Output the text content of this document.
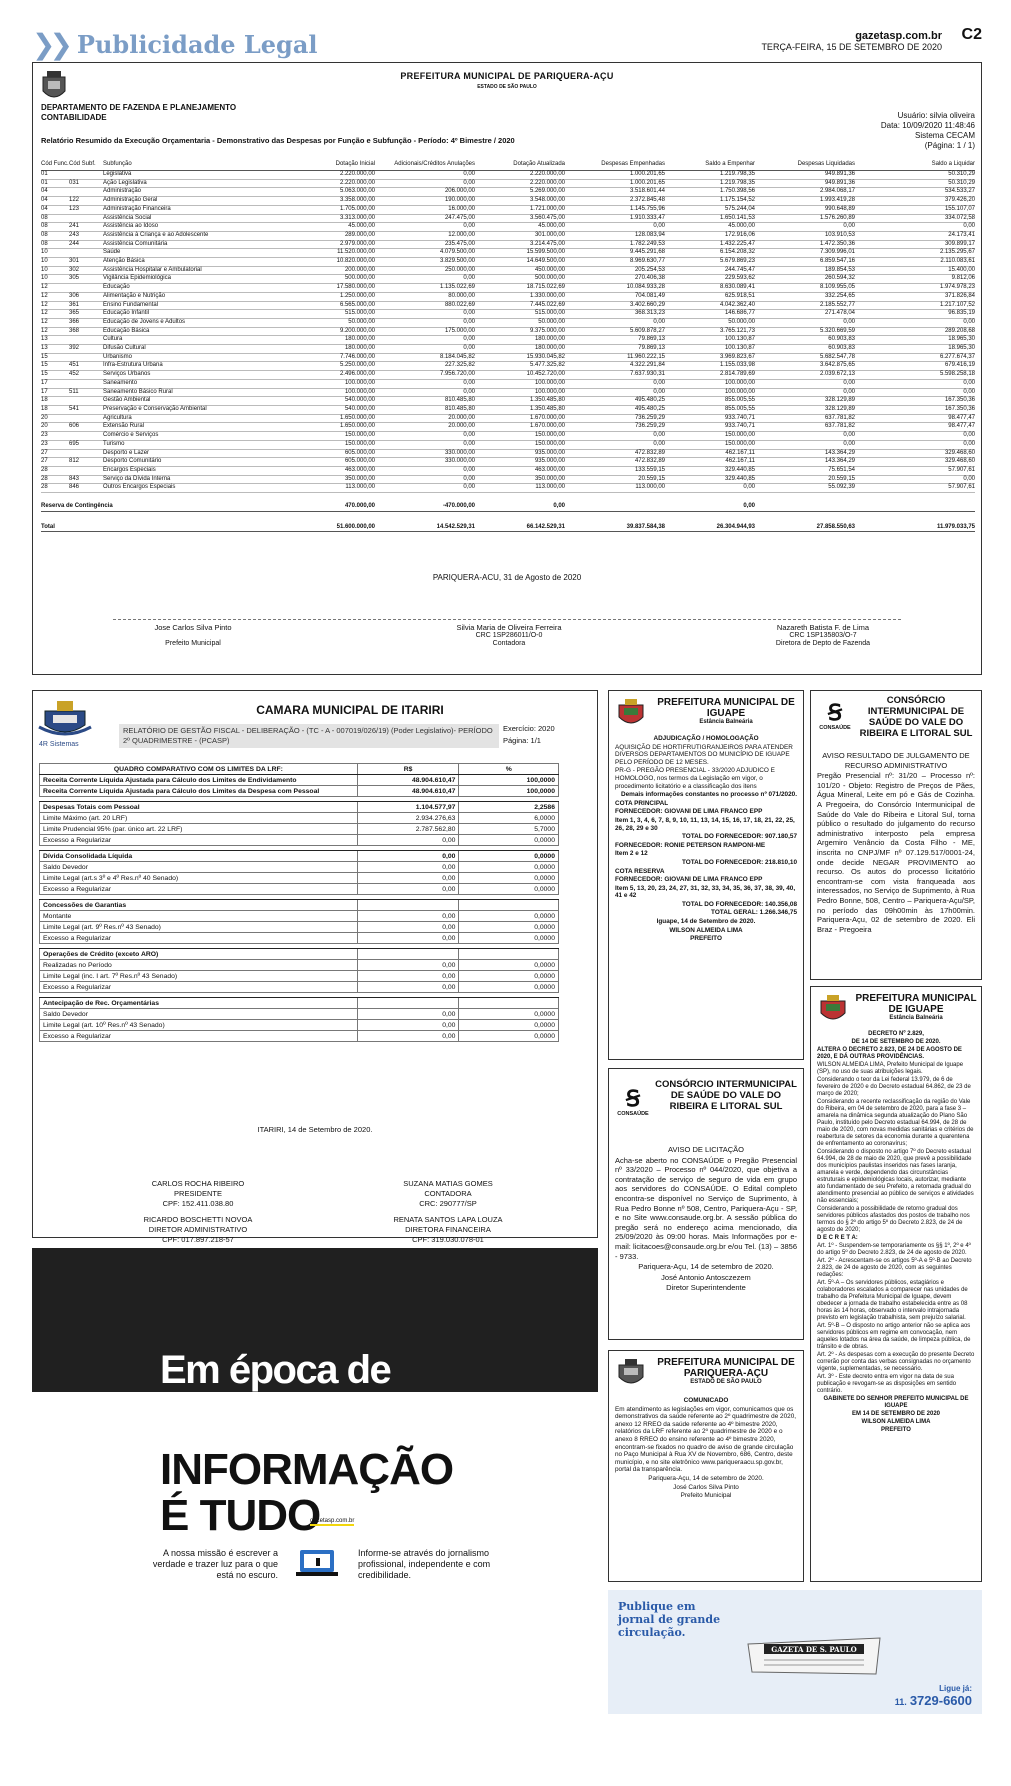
❯❯ Publicidade Legal	gazetasp.com.br
TERÇA-FEIRA, 15 DE SETEMBRO DE 2020
C2
PREFEITURA MUNICIPAL DE PARIQUERA-AÇU
ESTADO DE SÃO PAULO
DEPARTAMENTO DE FAZENDA E PLANEJAMENTO
CONTABILIDADE	Usuário: silvia oliveira
Data: 10/09/2020 11:48:46
Sistema CECAM
(Página: 1 / 1)
Relatório Resumido da Execução Orçamentaria - Demonstrativo das Despesas por Função e Subfunção - Período: 4º Bimestre / 2020
Cód Func.	Cód Subf.	Subfunção	Dotação Inicial	Adicionais/Créditos Anulações	Dotação Atualizada	Despesas Empenhadas	Saldo a Empenhar	Despesas Liquidadas	Saldo a Liquidar
01		Legislativa	2.220.000,00	0,00	2.220.000,00	1.000.201,65	1.219.798,35	949.891,36	50.310,29
01	031	Ação Legislativa	2.220.000,00	0,00	2.220.000,00	1.000.201,65	1.219.798,35	949.891,36	50.310,29
04		Administração	5.063.000,00	206.000,00	5.269.000,00	3.518.601,44	1.750.398,56	2.984.068,17	534.533,27
04	122	Administração Geral	3.358.000,00	190.000,00	3.548.000,00	2.372.845,48	1.175.154,52	1.993.419,28	379.426,20
04	123	Administração Financeira	1.705.000,00	16.000,00	1.721.000,00	1.145.755,96	575.244,04	990.648,89	155.107,07
08		Assistência Social	3.313.000,00	247.475,00	3.560.475,00	1.910.333,47	1.650.141,53	1.576.260,89	334.072,58
08	241	Assistência ao Idoso	45.000,00	0,00	45.000,00	0,00	45.000,00	0,00	0,00
08	243	Assistência à Criança e ao Adolescente	289.000,00	12.000,00	301.000,00	128.083,94	172.916,06	103.910,53	24.173,41
08	244	Assistência Comunitária	2.979.000,00	235.475,00	3.214.475,00	1.782.249,53	1.432.225,47	1.472.350,36	309.899,17
10		Saúde	11.520.000,00	4.079.500,00	15.599.500,00	9.445.291,68	6.154.208,32	7.309.996,01	2.135.295,67
10	301	Atenção Básica	10.820.000,00	3.829.500,00	14.649.500,00	8.969.630,77	5.679.869,23	6.859.547,16	2.110.083,61
10	302	Assistência Hospitalar e Ambulatorial	200.000,00	250.000,00	450.000,00	205.254,53	244.745,47	189.854,53	15.400,00
10	305	Vigilância Epidemiológica	500.000,00	0,00	500.000,00	270.406,38	229.593,62	260.594,32	9.812,06
12		Educação	17.580.000,00	1.135.022,69	18.715.022,69	10.084.933,28	8.630.089,41	8.109.955,05	1.974.978,23
12	306	Alimentação e Nutrição	1.250.000,00	80.000,00	1.330.000,00	704.081,49	625.918,51	332.254,65	371.826,84
12	361	Ensino Fundamental	6.565.000,00	880.022,69	7.445.022,69	3.402.660,29	4.042.362,40	2.185.552,77	1.217.107,52
12	365	Educação Infantil	515.000,00	0,00	515.000,00	368.313,23	146.686,77	271.478,04	96.835,19
12	366	Educação de Jovens e Adultos	50.000,00	0,00	50.000,00	0,00	50.000,00	0,00	0,00
12	368	Educação Básica	9.200.000,00	175.000,00	9.375.000,00	5.609.878,27	3.765.121,73	5.320.669,59	289.208,68
13		Cultura	180.000,00	0,00	180.000,00	79.869,13	100.130,87	60.903,83	18.965,30
13	392	Difusão Cultural	180.000,00	0,00	180.000,00	79.869,13	100.130,87	60.903,83	18.965,30
15		Urbanismo	7.746.000,00	8.184.045,82	15.930.045,82	11.960.222,15	3.969.823,67	5.682.547,78	6.277.674,37
15	451	Infra-Estrutura Urbana	5.250.000,00	227.325,82	5.477.325,82	4.322.291,84	1.155.033,98	3.642.875,65	679.416,19
15	452	Serviços Urbanos	2.496.000,00	7.956.720,00	10.452.720,00	7.637.930,31	2.814.789,69	2.039.672,13	5.598.258,18
17		Saneamento	100.000,00	0,00	100.000,00	0,00	100.000,00	0,00	0,00
17	511	Saneamento Básico Rural	100.000,00	0,00	100.000,00	0,00	100.000,00	0,00	0,00
18		Gestão Ambiental	540.000,00	810.485,80	1.350.485,80	495.480,25	855.005,55	328.129,89	167.350,36
18	541	Preservação e Conservação Ambiental	540.000,00	810.485,80	1.350.485,80	495.480,25	855.005,55	328.129,89	167.350,36
20		Agricultura	1.650.000,00	20.000,00	1.670.000,00	736.259,29	933.740,71	637.781,82	98.477,47
20	606	Extensão Rural	1.650.000,00	20.000,00	1.670.000,00	736.259,29	933.740,71	637.781,82	98.477,47
23		Comércio e Serviços	150.000,00	0,00	150.000,00	0,00	150.000,00	0,00	0,00
23	695	Turismo	150.000,00	0,00	150.000,00	0,00	150.000,00	0,00	0,00
27		Desporto e Lazer	605.000,00	330.000,00	935.000,00	472.832,89	462.167,11	143.364,29	329.468,60
27	812	Desporto Comunitário	605.000,00	330.000,00	935.000,00	472.832,89	462.167,11	143.364,29	329.468,60
28		Encargos Especiais	463.000,00	0,00	463.000,00	133.559,15	329.440,85	75.651,54	57.907,61
28	843	Serviço da Dívida Interna	350.000,00	0,00	350.000,00	20.559,15	329.440,85	20.559,15	0,00
28	846	Outros Encargos Especiais	113.000,00	0,00	113.000,00	113.000,00	0,00	55.092,39	57.907,61
Reserva de Contingência			470.000,00	-470.000,00	0,00		0,00		
Total			51.600.000,00	14.542.529,31	66.142.529,31	39.837.584,38	26.304.944,93	27.858.550,63	11.979.033,75
PARIQUERA-ACU, 31 de Agosto de 2020
Jose Carlos Silva Pinto
Prefeito Municipal
Silvia Maria de Oliveira Ferreira
CRC 1SP286011/O-0
Contadora
Nazareth Batista F. de Lima
CRC 1SP135803/O-7
Diretora de Depto de Fazenda
4R Sistemas
CAMARA MUNICIPAL DE ITARIRI
Exercício: 2020
Página: 1/1
RELATÓRIO DE GESTÃO FISCAL - DELIBERAÇÃO - (TC - A - 007019/026/19) (Poder Legislativo)- PERÍODO 2º QUADRIMESTRE - (PCASP)
QUADRO COMPARATIVO COM OS LIMITES DA LRF:	R$	%
Receita Corrente Líquida Ajustada para Cálculo dos Limites de Endividamento	48.904.610,47	100,0000
Receita Corrente Líquida Ajustada para Cálculo dos Limites da Despesa com Pessoal	48.904.610,47	100,0000

Despesas Totais com Pessoal	1.104.577,97	2,2586
Limite Máximo (art. 20 LRF)	2.934.276,63	6,0000
Limite Prudencial 95% (par. único art. 22 LRF)	2.787.562,80	5,7000
Excesso a Regularizar	0,00	0,0000

Dívida Consolidada Líquida	0,00	0,0000
Saldo Devedor	0,00	0,0000
Limite Legal (art.s 3º e 4º Res.nº 40 Senado)	0,00	0,0000
Excesso a Regularizar	0,00	0,0000

Concessões de Garantias		
Montante	0,00	0,0000
Limite Legal (art. 9º Res.nº 43 Senado)	0,00	0,0000
Excesso a Regularizar	0,00	0,0000

Operações de Crédito (exceto ARO)		
Realizadas no Período	0,00	0,0000
Limite Legal (inc. I art. 7º Res.nº 43 Senado)	0,00	0,0000
Excesso a Regularizar	0,00	0,0000

Antecipação de Rec. Orçamentárias		
Saldo Devedor	0,00	0,0000
Limite Legal (art. 10º Res.nº 43 Senado)	0,00	0,0000
Excesso a Regularizar	0,00	0,0000
ITARIRI, 14 de Setembro de 2020.
CARLOS ROCHA RIBEIRO
PRESIDENTE
CPF: 152.411.038.80
SUZANA MATIAS GOMES
CONTADORA
CRC: 290777/SP
RICARDO BOSCHETTI NOVOA
DIRETOR ADMINISTRATIVO
CPF: 017.897.218-57
RENATA SANTOS LAPA LOUZA
DIRETORA FINANCEIRA
CPF: 319.030.078-01
PREFEITURA MUNICIPAL DE IGUAPE
Estância Balneária

ADJUDICAÇÃO / HOMOLOGAÇÃO

AQUISIÇÃO DE HORTIFRUTIGRANJEIROS PARA ATENDER DIVERSOS DEPARTAMENTOS DO MUNICÍPIO DE IGUAPE PELO PERÍODO DE 12 MESES.

PR-G - PREGÃO PRESENCIAL - 33/2020 ADJUDICO E HOMOLOGO, nos termos da Legislação em vigor, o procedimento licitatório e a classificação dos itens

Demais informações constantes no processo nº 071/2020.

COTA PRINCIPAL

FORNECEDOR: GIOVANI DE LIMA FRANCO EPP

Item 1, 3, 4, 6, 7, 8, 9, 10, 11, 13, 14, 15, 16, 17, 18, 21, 22, 25, 26, 28, 29 e 30

TOTAL DO FORNECEDOR: 907.180,57

FORNECEDOR: RONIE PETERSON RAMPONI-ME

Item 2 e 12

TOTAL DO FORNECEDOR: 218.810,10

COTA RESERVA

FORNECEDOR: GIOVANI DE LIMA FRANCO EPP

Item 5, 13, 20, 23, 24, 27, 31, 32, 33, 34, 35, 36, 37, 38, 39, 40, 41 e 42

TOTAL DO FORNECEDOR: 140.356,08

TOTAL GERAL: 1.266.346,75

Iguape, 14 de Setembro de 2020.

WILSON ALMEIDA LIMA

PREFEITO

Ꞩ
CONSAÚDE
CONSÓRCIO INTERMUNICIPAL DE SAÚDE DO VALE DO RIBEIRA E LITORAL SUL

AVISO DE LICITAÇÃO

Acha-se aberto no CONSAÚDE o Pregão Presencial nº 33/2020 – Processo nº 044/2020, que objetiva a contratação de serviço de seguro de vida em grupo aos servidores do CONSAÚDE. O Edital completo encontra-se disponível no Serviço de Suprimento, à Rua Pedro Bonne nº 508, Centro, Pariquera-Açu - SP, e no Site www.consaude.org.br. A sessão pública do pregão será no endereço acima mencionado, dia 25/09/2020 às 09:00 horas. Mais Informações por e-mail: licitacoes@consaude.org.br e/ou Tel. (13) – 3856 - 9733.

Pariquera-Açu, 14 de setembro de 2020.

José Antonio Antosczezem

Diretor Superintendente

PREFEITURA MUNICIPAL DE PARIQUERA-AÇU
ESTADO DE SÃO PAULO

COMUNICADO

Em atendimento as legislações em vigor, comunicamos que os demonstrativos da saúde referente ao 2º quadrimestre de 2020, anexo 12 RREO da saúde referente ao 4º bimestre 2020, relatórios da LRF referente ao 2º quadrimestre de 2020 e o anexo 8 RREO do ensino referente ao 4º bimestre 2020, encontram-se fixados no quadro de aviso de grande circulação no Paço Municipal à Rua XV de Novembro, 686, Centro, deste município, e no site eletrônico www.pariqueraacu.sp.gov.br, portal da transparência.

Pariquera-Açu, 14 de setembro de 2020.

José Carlos Silva Pinto

Prefeito Municipal

Ꞩ
CONSAÚDE
CONSÓRCIO INTERMUNICIPAL DE SAÚDE DO VALE DO RIBEIRA E LITORAL SUL

AVISO RESULTADO DE JULGAMENTO DE RECURSO ADMINISTRATIVO

Pregão Presencial nº: 31/20 – Processo nº: 101/20 - Objeto: Registro de Preços de Pães, Água Mineral, Leite em pó e Gás de Cozinha. A Pregoeira, do Consórcio Intermunicipal de Saúde do Vale do Ribeira e Litoral Sul, torna público o resultado do julgamento do recurso administrativo interposto pela empresa Argemiro Venâncio da Costa Filho - ME, inscrita no CNPJ/MF nº 07.129.517/0001-24, onde decide NEGAR PROVIMENTO ao recurso. Os autos do processo licitatório encontram-se com vista franqueada aos interessados, no Serviço de Suprimento, à Rua Pedro Bonne, 508, Centro – Pariquera-Açu/SP, no período das 09h00min às 17h00min. Pariquera-Açu, 02 de setembro de 2020. Eli Braz - Pregoeira

PREFEITURA MUNICIPAL DE IGUAPE
Estância Balneária

DECRETO Nº 2.829,

DE 14 DE SETEMBRO DE 2020.

ALTERA O DECRETO 2.823, DE 24 DE AGOSTO DE 2020, E DÁ OUTRAS PROVIDÊNCIAS.

WILSON ALMEIDA LIMA, Prefeito Municipal de Iguape (SP), no uso de suas atribuições legais.

Considerando o teor da Lei federal 13.979, de 6 de fevereiro de 2020 e do Decreto estadual 64.862, de 23 de março de 2020;

Considerando a recente reclassificação da região do Vale do Ribeira, em 04 de setembro de 2020, para a fase 3 – amarela na dinâmica segunda atualização do Plano São Paulo, instituído pelo Decreto estadual 64.994, de 28 de maio de 2020, com novas medidas sanitárias e critérios de reabertura de setores da economia durante a quarentena de enfrentamento ao coronavírus;

Considerando o disposto no artigo 7º do Decreto estadual 64.994, de 28 de maio de 2020, que prevê a possibilidade dos municípios paulistas inseridos nas fases laranja, amarela e verde, dependendo das circunstâncias estruturais e epidemiológicas locais, autorizar, mediante ato fundamentado de seu Prefeito, a retomada gradual do atendimento presencial ao público de serviços e atividades não essenciais;

Considerando a possibilidade de retorno gradual dos servidores públicos afastados dos postos de trabalho nos termos do § 2º do artigo 5º do Decreto 2.823, de 24 de agosto de 2020;

D E C R E T A:

Art. 1º - Suspendem-se temporariamente os §§ 1º, 2º e 4º do artigo 5º do Decreto 2.823, de 24 de agosto de 2020.

Art. 2º - Acrescentam-se os artigos 5º-A e 5º-B ao Decreto 2.823, de 24 de agosto de 2020, com as seguintes redações:

Art. 5º-A – Os servidores públicos, estagiários e colaboradores escalados a comparecer nas unidades de trabalho da Prefeitura Municipal de Iguape, devem obedecer a jornada de trabalho estabelecida entre as 08 horas às 14 horas, observado o intervalo intrajornada previsto em legislação trabalhista, sem prejuízo salarial.

Art. 5º-B – O disposto no artigo anterior não se aplica aos servidores públicos em regime em convocação, nem aqueles lotados na área da saúde, de limpeza pública, de trânsito e de obras.

Art. 2º - As despesas com a execução do presente Decreto correrão por conta das verbas consignadas no orçamento vigente, suplementadas, se necessário.

Art. 3º - Este decreto entra em vigor na data de sua publicação e revogam-se as disposições em sentido contrário.

GABINETE DO SENHOR PREFEITO MUNICIPAL DE IGUAPE

EM 14 DE SETEMBRO DE 2020

WILSON ALMEIDA LIMA

PREFEITO

Em época de
INFORMAÇÃO
É TUDO
gazetasp.com.br
A nossa missão é escrever a verdade e trazer luz para o que está no escuro.
Informe-se através do jornalismo profissional, independente e com credibilidade.
Publique em jornal de grande circulação.
GAZETA DE S. PAULO
Ligue já:
11. 3729-6600
